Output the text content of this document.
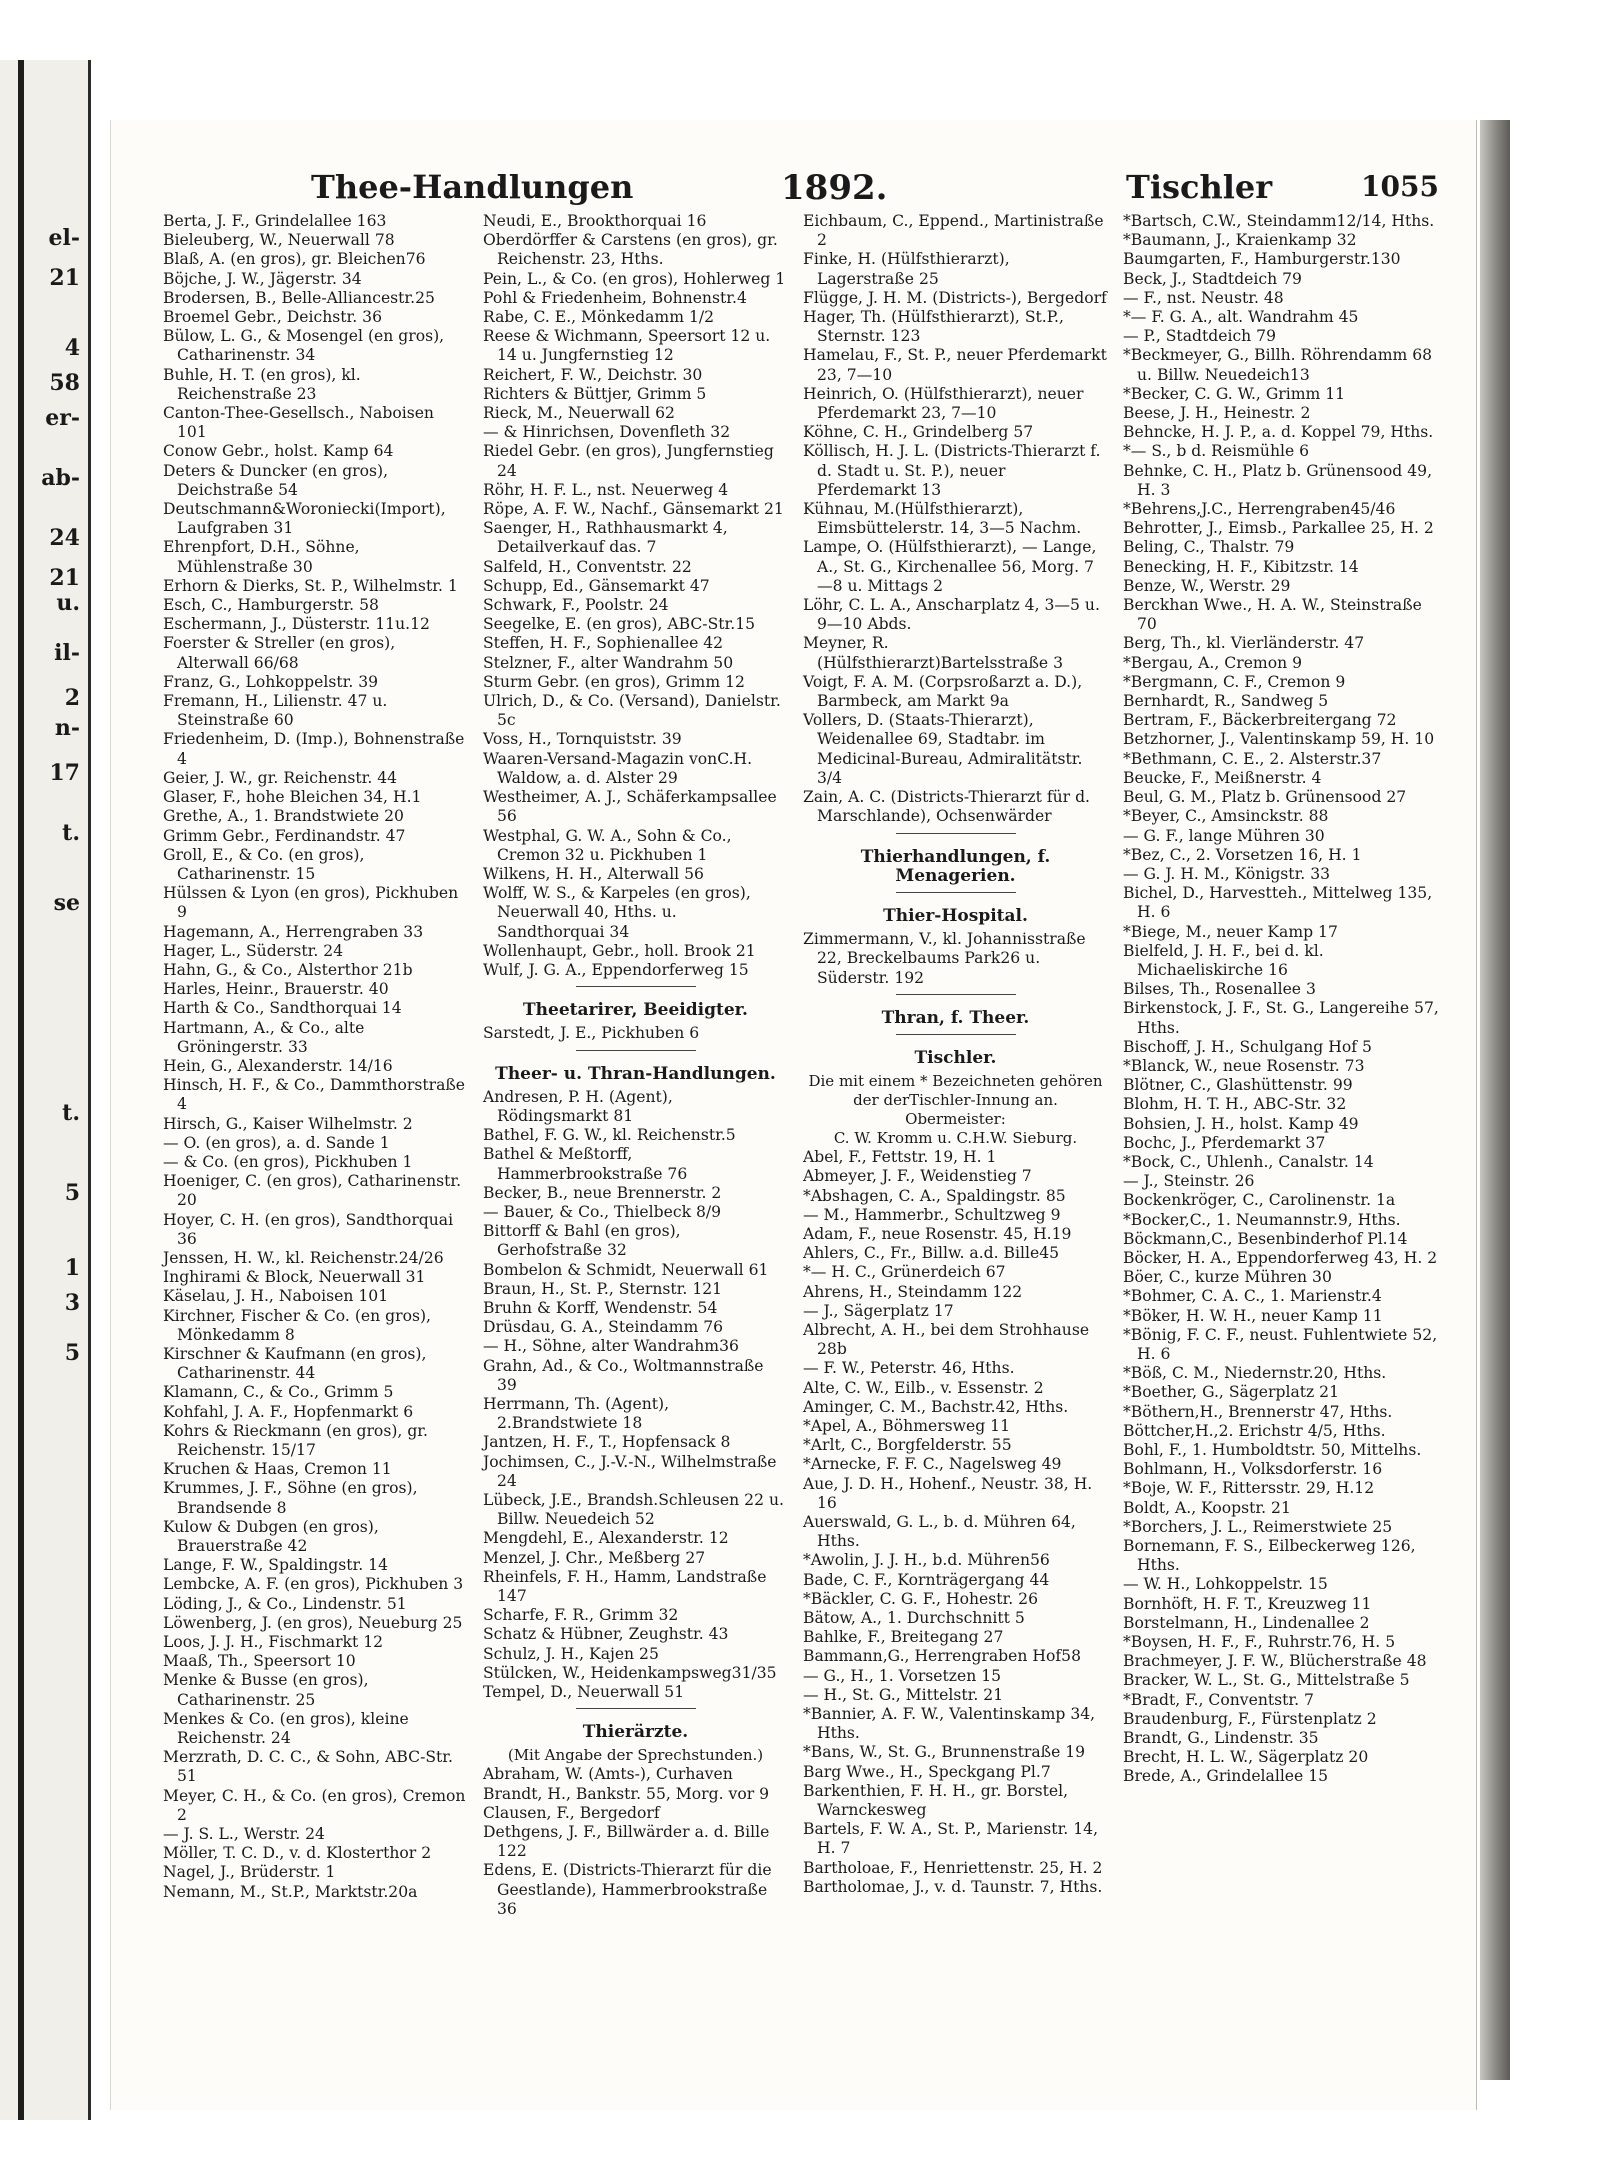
el-
21
4
58
er-
ab-
24
21
u.
il-
2
n-
17
t.
se
t.
5
1
3
5
Thee-Handlungen	1892.	Tischler	1055
Berta, J. F., Grindelallee 163
Bieleuberg, W., Neuerwall 78
Blaß, A. (en gros), gr. Bleichen76
Böjche, J. W., Jägerstr. 34
Brodersen, B., Belle-Alliancestr.25
Broemel Gebr., Deichstr. 36
Bülow, L. G., & Mosengel (en gros), Catharinenstr. 34
Buhle, H. T. (en gros), kl. Reichenstraße 23
Canton-Thee-Gesellsch., Naboisen 101
Conow Gebr., holst. Kamp 64
Deters & Duncker (en gros), Deichstraße 54
Deutschmann&Woroniecki(Import), Laufgraben 31
Ehrenpfort, D.H., Söhne, Mühlenstraße 30
Erhorn & Dierks, St. P., Wilhelmstr. 1
Esch, C., Hamburgerstr. 58
Eschermann, J., Düsterstr. 11u.12
Foerster & Streller (en gros), Alterwall 66/68
Franz, G., Lohkoppelstr. 39
Fremann, H., Lilienstr. 47 u. Steinstraße 60
Friedenheim, D. (Imp.), Bohnenstraße 4
Geier, J. W., gr. Reichenstr. 44
Glaser, F., hohe Bleichen 34, H.1
Grethe, A., 1. Brandstwiete 20
Grimm Gebr., Ferdinandstr. 47
Groll, E., & Co. (en gros), Catharinenstr. 15
Hülssen & Lyon (en gros), Pickhuben 9
Hagemann, A., Herrengraben 33
Hager, L., Süderstr. 24
Hahn, G., & Co., Alsterthor 21b
Harles, Heinr., Brauerstr. 40
Harth & Co., Sandthorquai 14
Hartmann, A., & Co., alte Gröningerstr. 33
Hein, G., Alexanderstr. 14/16
Hinsch, H. F., & Co., Dammthorstraße 4
Hirsch, G., Kaiser Wilhelmstr. 2
— O. (en gros), a. d. Sande 1
— & Co. (en gros), Pickhuben 1
Hoeniger, C. (en gros), Catharinenstr. 20
Hoyer, C. H. (en gros), Sandthorquai 36
Jenssen, H. W., kl. Reichenstr.24/26
Inghirami & Block, Neuerwall 31
Käselau, J. H., Naboisen 101
Kirchner, Fischer & Co. (en gros), Mönkedamm 8
Kirschner & Kaufmann (en gros), Catharinenstr. 44
Klamann, C., & Co., Grimm 5
Kohfahl, J. A. F., Hopfenmarkt 6
Kohrs & Rieckmann (en gros), gr. Reichenstr. 15/17
Kruchen & Haas, Cremon 11
Krummes, J. F., Söhne (en gros), Brandsende 8
Kulow & Dubgen (en gros), Brauerstraße 42
Lange, F. W., Spaldingstr. 14
Lembcke, A. F. (en gros), Pickhuben 3
Löding, J., & Co., Lindenstr. 51
Löwenberg, J. (en gros), Neueburg 25
Loos, J. J. H., Fischmarkt 12
Maaß, Th., Speersort 10
Menke & Busse (en gros), Catharinenstr. 25
Menkes & Co. (en gros), kleine Reichenstr. 24
Merzrath, D. C. C., & Sohn, ABC-Str. 51
Meyer, C. H., & Co. (en gros), Cremon 2
— J. S. L., Werstr. 24
Möller, T. C. D., v. d. Klosterthor 2
Nagel, J., Brüderstr. 1
Nemann, M., St.P., Marktstr.20a
Neudi, E., Brookthorquai 16
Oberdörffer & Carstens (en gros), gr. Reichenstr. 23, Hths.
Pein, L., & Co. (en gros), Hohlerweg 1
Pohl & Friedenheim, Bohnenstr.4
Rabe, C. E., Mönkedamm 1/2
Reese & Wichmann, Speersort 12 u. 14 u. Jungfernstieg 12
Reichert, F. W., Deichstr. 30
Richters & Büttjer, Grimm 5
Rieck, M., Neuerwall 62
— & Hinrichsen, Dovenfleth 32
Riedel Gebr. (en gros), Jungfernstieg 24
Röhr, H. F. L., nst. Neuerweg 4
Röpe, A. F. W., Nachf., Gänsemarkt 21
Saenger, H., Rathhausmarkt 4, Detailverkauf das. 7
Salfeld, H., Conventstr. 22
Schupp, Ed., Gänsemarkt 47
Schwark, F., Poolstr. 24
Seegelke, E. (en gros), ABC-Str.15
Steffen, H. F., Sophienallee 42
Stelzner, F., alter Wandrahm 50
Sturm Gebr. (en gros), Grimm 12
Ulrich, D., & Co. (Versand), Danielstr. 5c
Voss, H., Tornquiststr. 39
Waaren-Versand-Magazin vonC.H. Waldow, a. d. Alster 29
Westheimer, A. J., Schäferkampsallee 56
Westphal, G. W. A., Sohn & Co., Cremon 32 u. Pickhuben 1
Wilkens, H. H., Alterwall 56
Wolff, W. S., & Karpeles (en gros), Neuerwall 40, Hths. u. Sandthorquai 34
Wollenhaupt, Gebr., holl. Brook 21
Wulf, J. G. A., Eppendorferweg 15
Theetarirer, Beeidigter.
Sarstedt, J. E., Pickhuben 6
Theer- u. Thran-Handlungen.
Andresen, P. H. (Agent), Rödingsmarkt 81
Bathel, F. G. W., kl. Reichenstr.5
Bathel & Meßtorff, Hammerbrookstraße 76
Becker, B., neue Brennerstr. 2
— Bauer, & Co., Thielbeck 8/9
Bittorff & Bahl (en gros), Gerhofstraße 32
Bombelon & Schmidt, Neuerwall 61
Braun, H., St. P., Sternstr. 121
Bruhn & Korff, Wendenstr. 54
Drüsdau, G. A., Steindamm 76
— H., Söhne, alter Wandrahm36
Grahn, Ad., & Co., Woltmannstraße 39
Herrmann, Th. (Agent), 2.Brandstwiete 18
Jantzen, H. F., T., Hopfensack 8
Jochimsen, C., J.-V.-N., Wilhelmstraße 24
Lübeck, J.E., Brandsh.Schleusen 22 u. Billw. Neuedeich 52
Mengdehl, E., Alexanderstr. 12
Menzel, J. Chr., Meßberg 27
Rheinfels, F. H., Hamm, Landstraße 147
Scharfe, F. R., Grimm 32
Schatz & Hübner, Zeughstr. 43
Schulz, J. H., Kajen 25
Stülcken, W., Heidenkampsweg31/35
Tempel, D., Neuerwall 51
Thierärzte.
(Mit Angabe der Sprechstunden.)
Abraham, W. (Amts-), Curhaven
Brandt, H., Bankstr. 55, Morg. vor 9
Clausen, F., Bergedorf
Dethgens, J. F., Billwärder a. d. Bille 122
Edens, E. (Districts-Thierarzt für die Geestlande), Hammerbrookstraße 36
Eichbaum, C., Eppend., Martinistraße 2
Finke, H. (Hülfsthierarzt), Lagerstraße 25
Flügge, J. H. M. (Districts-), Bergedorf
Hager, Th. (Hülfsthierarzt), St.P., Sternstr. 123
Hamelau, F., St. P., neuer Pferdemarkt 23, 7—10
Heinrich, O. (Hülfsthierarzt), neuer Pferdemarkt 23, 7—10
Köhne, C. H., Grindelberg 57
Köllisch, H. J. L. (Districts-Thierarzt f. d. Stadt u. St. P.), neuer Pferdemarkt 13
Kühnau, M.(Hülfsthierarzt), Eimsbüttelerstr. 14, 3—5 Nachm.
Lampe, O. (Hülfsthierarzt), — Lange, A., St. G., Kirchenallee 56, Morg. 7—8 u. Mittags 2
Löhr, C. L. A., Anscharplatz 4, 3—5 u. 9—10 Abds.
Meyner, R.(Hülfsthierarzt)Bartelsstraße 3
Voigt, F. A. M. (Corpsroßarzt a. D.), Barmbeck, am Markt 9a
Vollers, D. (Staats-Thierarzt), Weidenallee 69, Stadtabr. im Medicinal-Bureau, Admiralitätstr. 3/4
Zain, A. C. (Districts-Thierarzt für d. Marschlande), Ochsenwärder
Thierhandlungen, f. Menagerien.
Thier-Hospital.
Zimmermann, V., kl. Johannisstraße 22, Breckelbaums Park26 u. Süderstr. 192
Thran, f. Theer.
Tischler.
Die mit einem * Bezeichneten gehören der derTischler-Innung an. Obermeister:
C. W. Kromm u. C.H.W. Sieburg.
Abel, F., Fettstr. 19, H. 1
Abmeyer, J. F., Weidenstieg 7
*Abshagen, C. A., Spaldingstr. 85
— M., Hammerbr., Schultzweg 9
Adam, F., neue Rosenstr. 45, H.19
Ahlers, C., Fr., Billw. a.d. Bille45
*— H. C., Grünerdeich 67
Ahrens, H., Steindamm 122
— J., Sägerplatz 17
Albrecht, A. H., bei dem Strohhause 28b
— F. W., Peterstr. 46, Hths.
Alte, C. W., Eilb., v. Essenstr. 2
Aminger, C. M., Bachstr.42, Hths.
*Apel, A., Böhmersweg 11
*Arlt, C., Borgfelderstr. 55
*Arnecke, F. F. C., Nagelsweg 49
Aue, J. D. H., Hohenf., Neustr. 38, H. 16
Auerswald, G. L., b. d. Mühren 64, Hths.
*Awolin, J. J. H., b.d. Mühren56
Bade, C. F., Kornträgergang 44
*Bäckler, C. G. F., Hohestr. 26
Bätow, A., 1. Durchschnitt 5
Bahlke, F., Breitegang 27
Bammann,G., Herrengraben Hof58
— G., H., 1. Vorsetzen 15
— H., St. G., Mittelstr. 21
*Bannier, A. F. W., Valentinskamp 34, Hths.
*Bans, W., St. G., Brunnenstraße 19
Barg Wwe., H., Speckgang Pl.7
Barkenthien, F. H. H., gr. Borstel, Warnckesweg
Bartels, F. W. A., St. P., Marienstr. 14, H. 7
Bartholoae, F., Henriettenstr. 25, H. 2
Bartholomae, J., v. d. Taunstr. 7, Hths.
*Bartsch, C.W., Steindamm12/14, Hths.
*Baumann, J., Kraienkamp 32
Baumgarten, F., Hamburgerstr.130
Beck, J., Stadtdeich 79
— F., nst. Neustr. 48
*— F. G. A., alt. Wandrahm 45
— P., Stadtdeich 79
*Beckmeyer, G., Billh. Röhrendamm 68 u. Billw. Neuedeich13
*Becker, C. G. W., Grimm 11
Beese, J. H., Heinestr. 2
Behncke, H. J. P., a. d. Koppel 79, Hths.
*— S., b d. Reismühle 6
Behnke, C. H., Platz b. Grünensood 49, H. 3
*Behrens,J.C., Herrengraben45/46
Behrotter, J., Eimsb., Parkallee 25, H. 2
Beling, C., Thalstr. 79
Benecking, H. F., Kibitzstr. 14
Benze, W., Werstr. 29
Berckhan Wwe., H. A. W., Steinstraße 70
Berg, Th., kl. Vierländerstr. 47
*Bergau, A., Cremon 9
*Bergmann, C. F., Cremon 9
Bernhardt, R., Sandweg 5
Bertram, F., Bäckerbreitergang 72
Betzhorner, J., Valentinskamp 59, H. 10
*Bethmann, C. E., 2. Alsterstr.37
Beucke, F., Meißnerstr. 4
Beul, G. M., Platz b. Grünensood 27
*Beyer, C., Amsinckstr. 88
— G. F., lange Mühren 30
*Bez, C., 2. Vorsetzen 16, H. 1
— G. J. H. M., Königstr. 33
Bichel, D., Harvestteh., Mittelweg 135, H. 6
*Biege, M., neuer Kamp 17
Bielfeld, J. H. F., bei d. kl. Michaeliskirche 16
Bilses, Th., Rosenallee 3
Birkenstock, J. F., St. G., Langereihe 57, Hths.
Bischoff, J. H., Schulgang Hof 5
*Blanck, W., neue Rosenstr. 73
Blötner, C., Glashüttenstr. 99
Blohm, H. T. H., ABC-Str. 32
Bohsien, J. H., holst. Kamp 49
Bochc, J., Pferdemarkt 37
*Bock, C., Uhlenh., Canalstr. 14
— J., Steinstr. 26
Bockenkröger, C., Carolinenstr. 1a
*Bocker,C., 1. Neumannstr.9, Hths.
Böckmann,C., Besenbinderhof Pl.14
Böcker, H. A., Eppendorferweg 43, H. 2
Böer, C., kurze Mühren 30
*Bohmer, C. A. C., 1. Marienstr.4
*Böker, H. W. H., neuer Kamp 11
*Bönig, F. C. F., neust. Fuhlentwiete 52, H. 6
*Böß, C. M., Niedernstr.20, Hths.
*Boether, G., Sägerplatz 21
*Böthern,H., Brennerstr 47, Hths.
Böttcher,H.,2. Erichstr 4/5, Hths.
Bohl, F., 1. Humboldtstr. 50, Mittelhs.
Bohlmann, H., Volksdorferstr. 16
*Boje, W. F., Rittersstr. 29, H.12
Boldt, A., Koopstr. 21
*Borchers, J. L., Reimerstwiete 25
Bornemann, F. S., Eilbeckerweg 126, Hths.
— W. H., Lohkoppelstr. 15
Bornhöft, H. F. T., Kreuzweg 11
Borstelmann, H., Lindenallee 2
*Boysen, H. F., F., Ruhrstr.76, H. 5
Brachmeyer, J. F. W., Blücherstraße 48
Bracker, W. L., St. G., Mittelstraße 5
*Bradt, F., Conventstr. 7
Braudenburg, F., Fürstenplatz 2
Brandt, G., Lindenstr. 35
Brecht, H. L. W., Sägerplatz 20
Brede, A., Grindelallee 15
